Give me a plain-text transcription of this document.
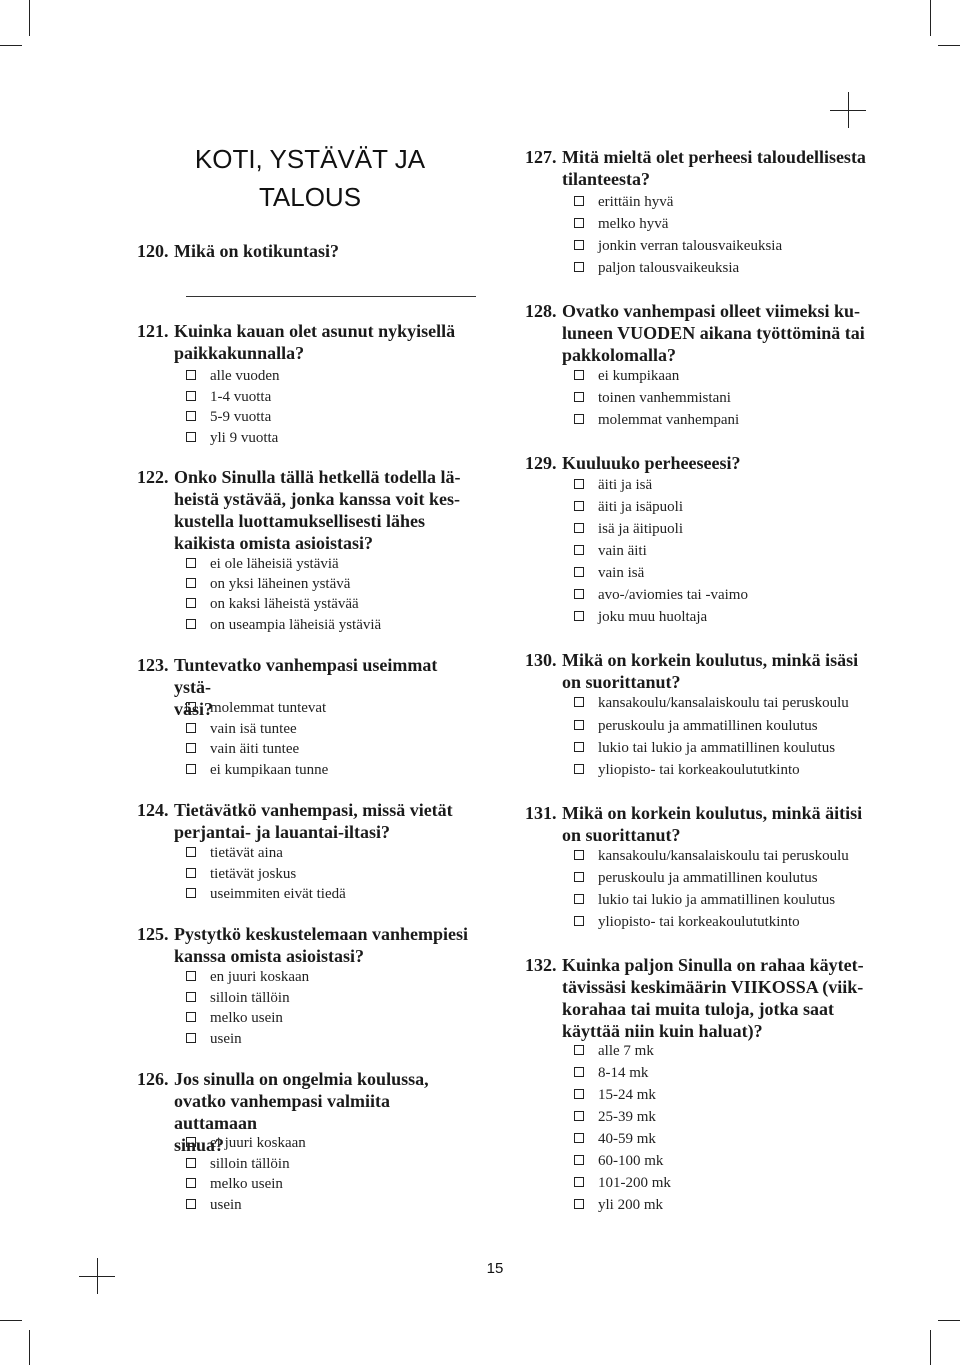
KOTI, YSTÄVÄT JA
TALOUS
120. Mikä on kotikuntasi?
121. Kuinka kauan olet asunut nykyisellä
paikkakunnalla?
alle vuoden
1-4 vuotta
5-9 vuotta
yli 9 vuotta
122. Onko Sinulla tällä hetkellä todella lä-
heistä ystävää, jonka kanssa voit kes-
kustella luottamuksellisesti lähes
kaikista omista asioistasi?
ei ole läheisiä ystäviä
on yksi läheinen ystävä
on kaksi läheistä ystävää
on useampia läheisiä ystäviä
123. Tuntevatko vanhempasi useimmat ystä-
väsi?
molemmat tuntevat
vain isä tuntee
vain äiti tuntee
ei kumpikaan tunne
124. Tietävätkö vanhempasi, missä vietät
perjantai- ja lauantai-iltasi?
tietävät aina
tietävät joskus
useimmiten eivät tiedä
125. Pystytkö keskustelemaan vanhempiesi
kanssa omista asioistasi?
en juuri koskaan
silloin tällöin
melko usein
usein
126. Jos sinulla on ongelmia koulussa,
ovatko vanhempasi valmiita auttamaan
sinua?
ei juuri koskaan
silloin tällöin
melko usein
usein
127. Mitä mieltä olet perheesi taloudellisesta
tilanteesta?
erittäin hyvä
melko hyvä
jonkin verran talousvaikeuksia
paljon talousvaikeuksia
128. Ovatko vanhempasi olleet viimeksi ku-
luneen VUODEN aikana työttöminä tai
pakkolomalla?
ei kumpikaan
toinen vanhemmistani
molemmat vanhempani
129. Kuuluuko perheeseesi?
äiti ja isä
äiti ja isäpuoli
isä ja äitipuoli
vain äiti
vain isä
avo-/aviomies tai -vaimo
joku muu huoltaja
130. Mikä on korkein koulutus, minkä isäsi
on suorittanut?
kansakoulu/kansalaiskoulu tai peruskoulu
peruskoulu ja ammatillinen koulutus
lukio tai lukio ja ammatillinen koulutus
yliopisto- tai korkeakoulututkinto
131. Mikä on korkein koulutus, minkä äitisi
on suorittanut?
kansakoulu/kansalaiskoulu tai peruskoulu
peruskoulu ja ammatillinen koulutus
lukio tai lukio ja ammatillinen koulutus
yliopisto- tai korkeakoulututkinto
132. Kuinka paljon Sinulla on rahaa käytet-
tävissäsi keskimäärin VIIKOSSA (viik-
korahaa tai muita tuloja, jotka saat
käyttää niin kuin haluat)?
alle 7 mk
8-14 mk
15-24 mk
25-39 mk
40-59 mk
60-100 mk
101-200 mk
yli 200 mk
15
